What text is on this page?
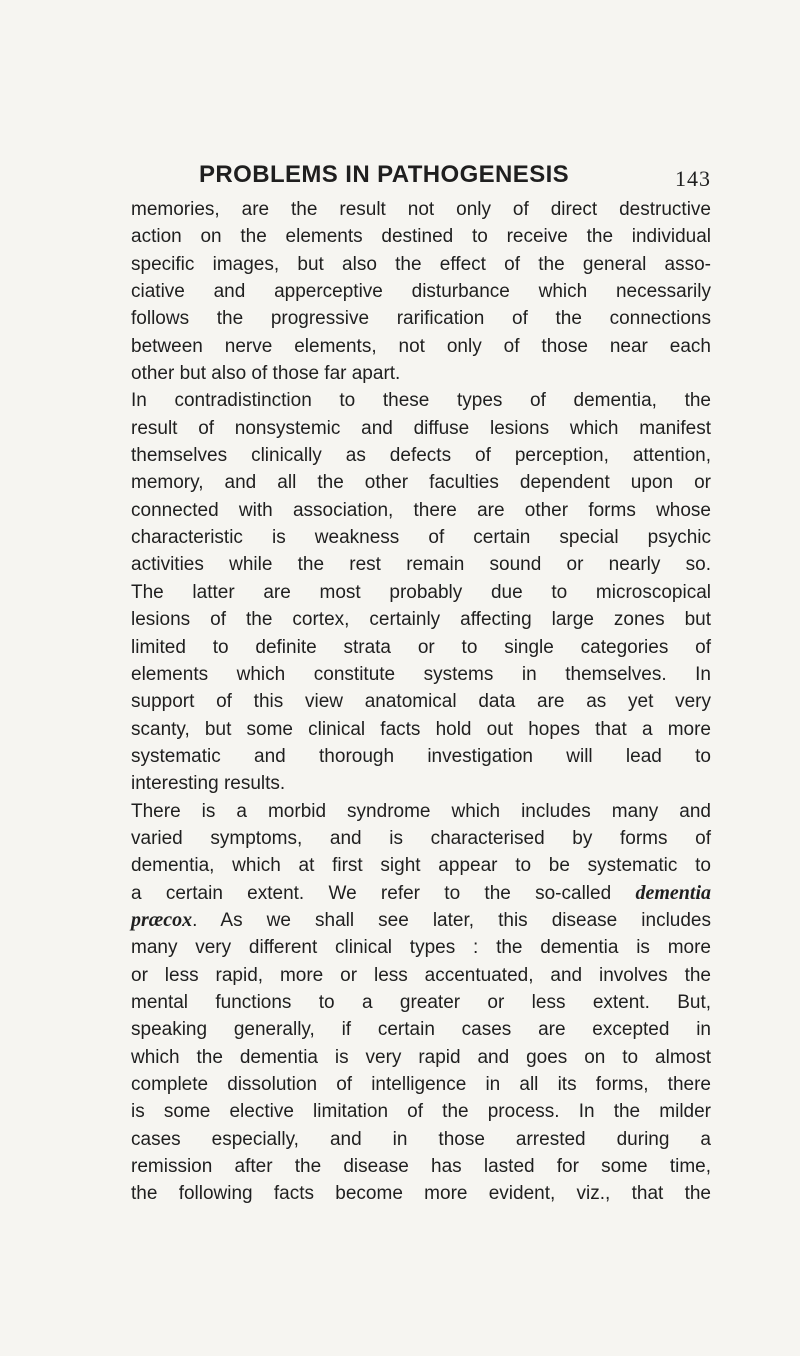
PROBLEMS IN PATHOGENESIS	143
memories, are the result not only of direct destructive
action on the elements destined to receive the individual
specific images, but also the effect of the general asso-
ciative and apperceptive disturbance which necessarily
follows the progressive rarification of the connections
between nerve elements, not only of those near each
other but also of those far apart.
In contradistinction to these types of dementia, the
result of nonsystemic and diffuse lesions which manifest
themselves clinically as defects of perception, attention,
memory, and all the other faculties dependent upon or
connected with association, there are other forms whose
characteristic is weakness of certain special psychic
activities while the rest remain sound or nearly so.
The latter are most probably due to microscopical
lesions of the cortex, certainly affecting large zones but
limited to definite strata or to single categories of
elements which constitute systems in themselves. In
support of this view anatomical data are as yet very
scanty, but some clinical facts hold out hopes that a more
systematic and thorough investigation will lead to
interesting results.
There is a morbid syndrome which includes many and
varied symptoms, and is characterised by forms of
dementia, which at first sight appear to be systematic to
a certain extent. We refer to the so-called dementia
præcox. As we shall see later, this disease includes
many very different clinical types : the dementia is more
or less rapid, more or less accentuated, and involves the
mental functions to a greater or less extent. But,
speaking generally, if certain cases are excepted in
which the dementia is very rapid and goes on to almost
complete dissolution of intelligence in all its forms, there
is some elective limitation of the process. In the milder
cases especially, and in those arrested during a
remission after the disease has lasted for some time,
the following facts become more evident, viz., that the
